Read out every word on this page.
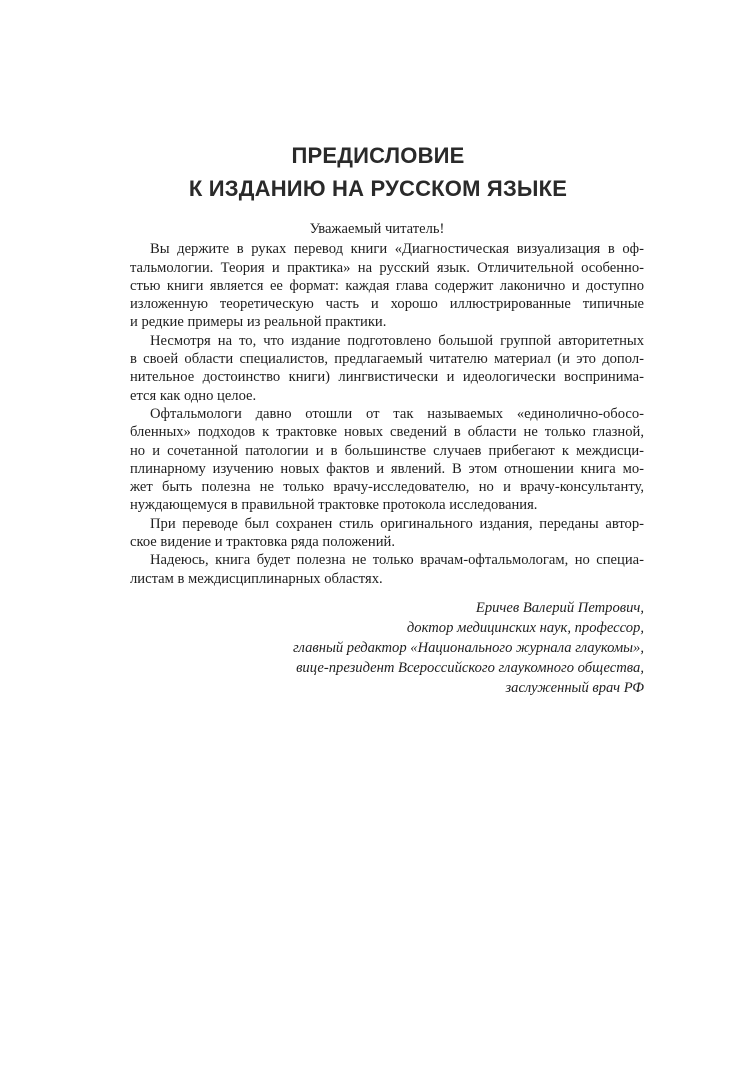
ПРЕДИСЛОВИЕ
К ИЗДАНИЮ НА РУССКОМ ЯЗЫКЕ

Уважаемый читатель!

Вы держите в руках перевод книги «Диагностическая визуализация в оф-
тальмологии. Теория и практика» на русский язык. Отличительной особенно-
стью книги является ее формат: каждая глава содержит лаконично и доступно
изложенную теоретическую часть и хорошо иллюстрированные типичные
и редкие примеры из реальной практики.
Несмотря на то, что издание подготовлено большой группой авторитетных
в своей области специалистов, предлагаемый читателю материал (и это допол-
нительное достоинство книги) лингвистически и идеологически воспринима-
ется как одно целое.
Офтальмологи давно отошли от так называемых «единолично-обосо-
бленных» подходов к трактовке новых сведений в области не только глазной,
но и сочетанной патологии и в большинстве случаев прибегают к междисци-
плинарному изучению новых фактов и явлений. В этом отношении книга мо-
жет быть полезна не только врачу-исследователю, но и врачу-консультанту,
нуждающемуся в правильной трактовке протокола исследования.
При переводе был сохранен стиль оригинального издания, переданы автор-
ское видение и трактовка ряда положений.
Надеюсь, книга будет полезна не только врачам-офтальмологам, но специа-
листам в междисциплинарных областях.
Еричев Валерий Петрович,
доктор медицинских наук, профессор,
главный редактор «Национального журнала глаукомы»,
вице-президент Всероссийского глаукомного общества,
заслуженный врач РФ
